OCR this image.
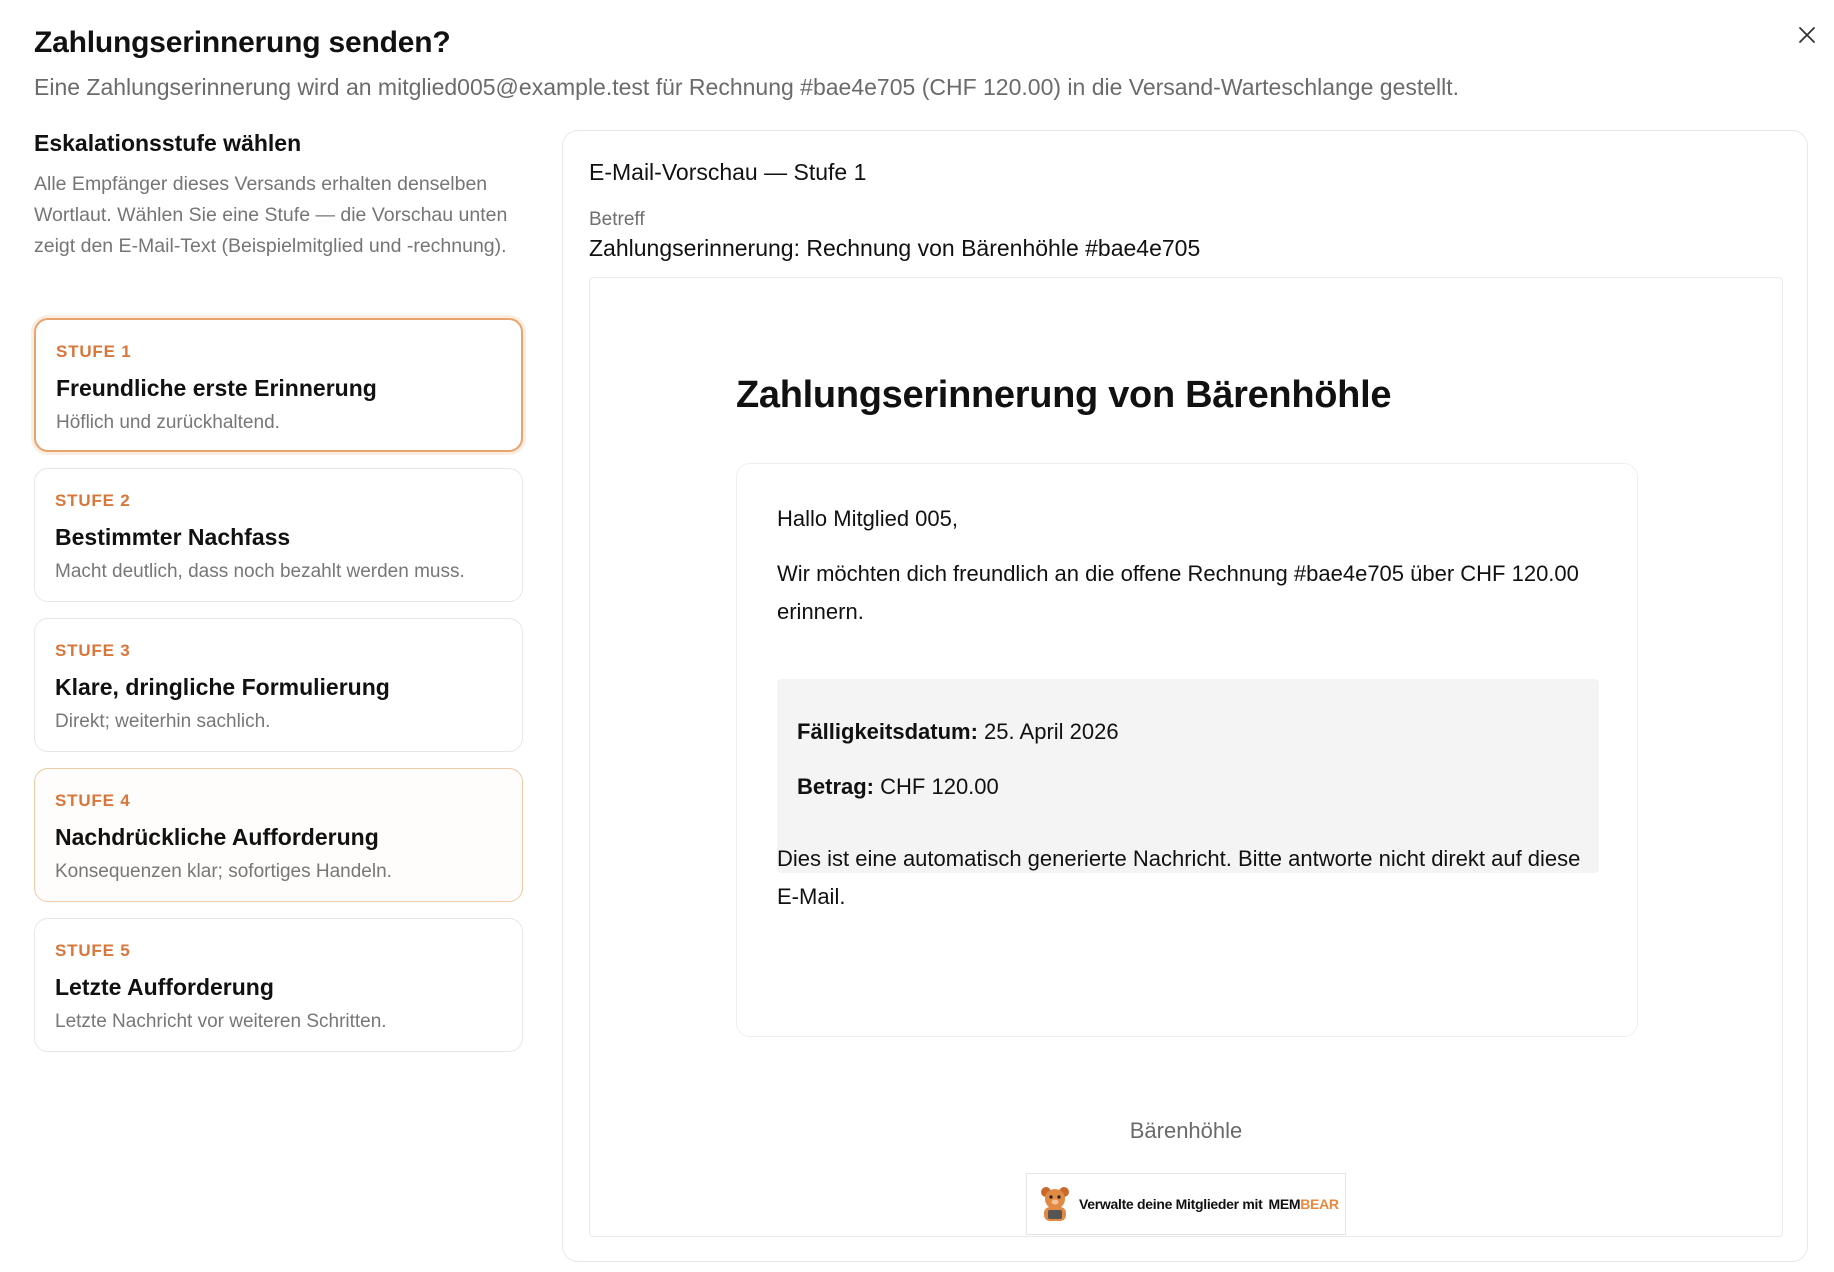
Zahlungserinnerung senden?

Eine Zahlungserinnerung wird an mitglied005@example.test für Rechnung #bae4e705 (CHF 120.00) in die Versand-Warteschlange gestellt.

Eskalationsstufe wählen
Alle Empfänger dieses Versands erhalten denselben Wortlaut. Wählen Sie eine Stufe — die Vorschau unten zeigt den E-Mail-Text (Beispielmitglied und -rechnung).
STUFE 1
Freundliche erste Erinnerung
Höflich und zurückhaltend.
STUFE 2
Bestimmter Nachfass
Macht deutlich, dass noch bezahlt werden muss.
STUFE 3
Klare, dringliche Formulierung
Direkt; weiterhin sachlich.
STUFE 4
Nachdrückliche Aufforderung
Konsequenzen klar; sofortiges Handeln.
STUFE 5
Letzte Aufforderung
Letzte Nachricht vor weiteren Schritten.
E-Mail-Vorschau — Stufe 1
Betreff
Zahlungserinnerung: Rechnung von Bärenhöhle #bae4e705
Zahlungserinnerung von Bärenhöhle
Hallo Mitglied 005,
Wir möchten dich freundlich an die offene Rechnung #bae4e705 über CHF 120.00 erinnern.
Fälligkeitsdatum: 25. April 2026
Betrag: CHF 120.00
Dies ist eine automatisch generierte Nachricht. Bitte antworte nicht direkt auf diese E-Mail.
Bärenhöhle
Verwalte deine Mitglieder mit MEM BEAR
